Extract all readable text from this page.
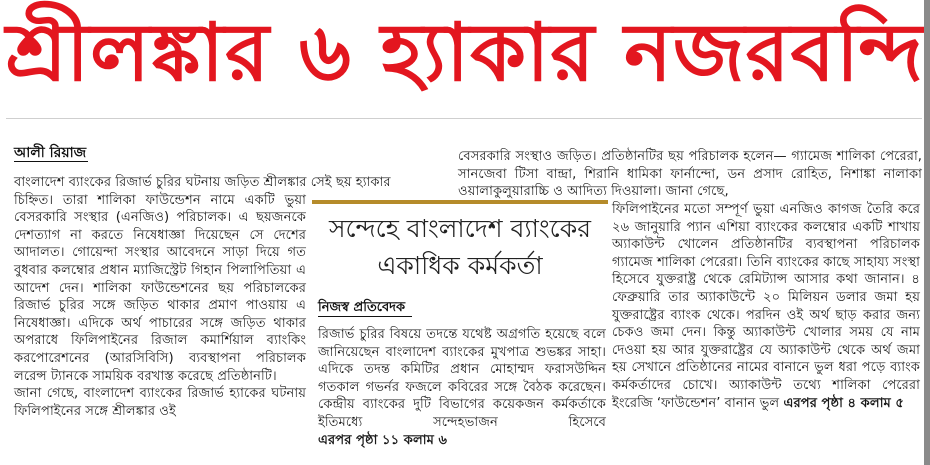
শ্রীলঙ্কার ৬ হ্যাকার নজরবন্দি
আলী রিয়াজ

বাংলাদেশ ব্যাংকের রিজার্ভ চুরির ঘটনায় জড়িত শ্রীলঙ্কার সেই ছয় হ্যাকার

চিহ্নিত। তারা শালিকা ফাউন্ডেশন নামে একটি ভুয়া বেসরকারি সংস্থার (এনজিও) পরিচালক। এ ছয়জনকে দেশত্যাগ না করতে নিষেধাজ্ঞা দিয়েছেন সে দেশের আদালত। গোয়েন্দা সংস্থার আবেদনে সাড়া দিয়ে গত বুধবার কলম্বোর প্রধান ম্যাজিস্ট্রেট গিহান পিলাপিতিয়া এ আদেশ দেন। শালিকা ফাউন্ডেশনের ছয় পরিচালকের রিজার্ভ চুরির সঙ্গে জড়িত থাকার প্রমাণ পাওয়ায় এ নিষেধাজ্ঞা। এদিকে অর্থ পাচারের সঙ্গে জড়িত থাকার অপরাধে ফিলিপাইনের রিজাল কমার্শিয়াল ব্যাংকিং করপোরেশনের (আরসিবিসি) ব্যবস্থাপনা পরিচালক লরেন্স ট্যানকে সাময়িক বরখাস্ত করেছে প্রতিষ্ঠানটি।

জানা গেছে, বাংলাদেশ ব্যাংকের রিজার্ভ হ্যাকের ঘটনায় ফিলিপাইনের সঙ্গে শ্রীলঙ্কার ওই

বেসরকারি সংস্থাও জড়িত। প্রতিষ্ঠানটির ছয় পরিচালক হলেন— গ্যামেজ শালিকা পেরেরা, সানজেবা টিসা বান্দ্রা, শিরানি ধামিকা ফার্নান্দো, ডন প্রসাদ রোহিত, নিশাঙ্কা নালাকা ওয়ালাকুলুয়ারাচ্চি ও আদিত্য দিওয়ালা। জানা গেছে,

সন্দেহে বাংলাদেশ ব্যাংকের
একাধিক কর্মকর্তা
নিজস্ব প্রতিবেদক
রিজার্ভ চুরির বিষয়ে তদন্তে যথেষ্ট অগ্রগতি হয়েছে বলে জানিয়েছেন বাংলাদেশ ব্যাংকের মুখপাত্র শুভঙ্কর সাহা। এদিকে তদন্ত কমিটির প্রধান মোহাম্মদ ফরাসউদ্দিন গতকাল গভর্নর ফজলে কবিরের সঙ্গে বৈঠক করেছেন। কেন্দ্রীয় ব্যাংকের দুটি বিভাগের কয়েকজন কর্মকর্তাকে ইতিমধ্যে সন্দেহভাজন হিসেবে এরপর পৃষ্ঠা ১১ কলাম ৬
ফিলিপাইনের মতো সম্পূর্ণ ভুয়া এনজিও কাগজ তৈরি করে ২৬ জানুয়ারি প্যান এশিয়া ব্যাংকের কলম্বোর একটি শাখায় অ্যাকাউন্ট খোলেন প্রতিষ্ঠানটির ব্যবস্থাপনা পরিচালক গ্যামেজ শালিকা পেরেরা। তিনি ব্যাংকের কাছে সাহায্য সংস্থা হিসেবে যুক্তরাষ্ট্র থেকে রেমিট্যান্স আসার কথা জানান। ৪ ফেব্রুয়ারি তার অ্যাকাউন্টে ২০ মিলিয়ন ডলার জমা হয় যুক্তরাষ্ট্রের ব্যাংক থেকে। পরদিন ওই অর্থ ছাড় করার জন্য চেকও জমা দেন। কিন্তু অ্যাকাউন্ট খোলার সময় যে নাম দেওয়া হয় আর যুক্তরাষ্ট্রের যে অ্যাকাউন্ট থেকে অর্থ জমা হয় সেখানে প্রতিষ্ঠানের নামের বানানে ভুল ধরা পড়ে ব্যাংক কর্মকর্তাদের চোখে। অ্যাকাউন্ট তথ্যে শালিকা পেরেরা ইংরেজি ‘ফাউন্ডেশন’ বানান ভুল এরপর পৃষ্ঠা ৪ কলাম ৫
